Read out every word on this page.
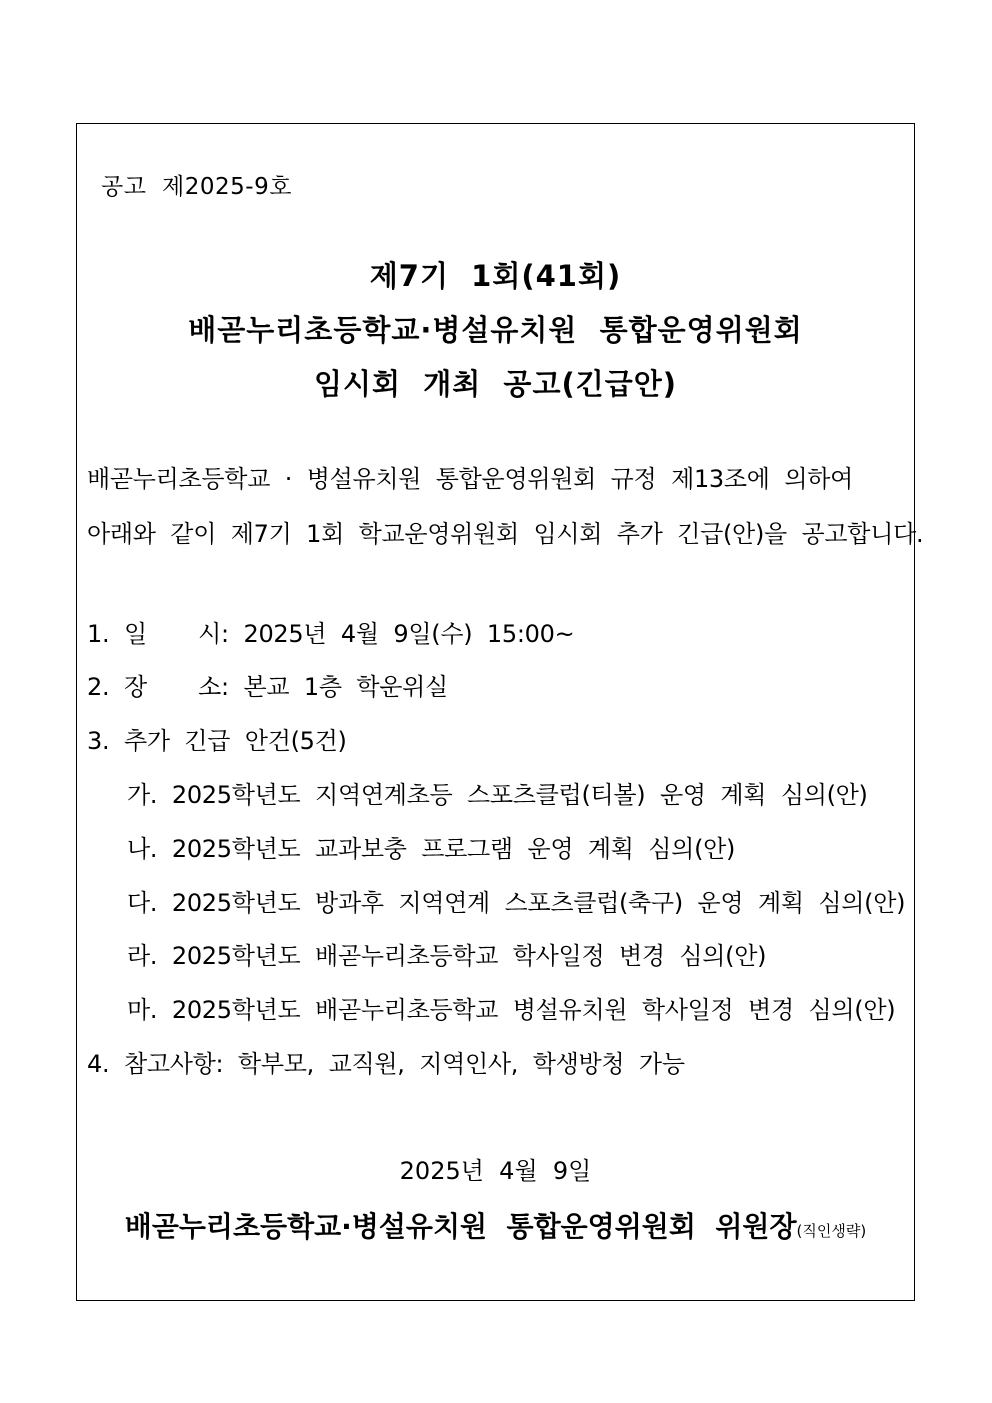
공고  제2025-9호
제7기  1회(41회)
배곧누리초등학교·병설유치원  통합운영위원회
임시회  개최  공고(긴급안)
배곧누리초등학교  ·  병설유치원  통합운영위원회  규정  제13조에  의하여
아래와  같이  제7기  1회  학교운영위원회  임시회  추가  긴급(안)을  공고합니다.
1.  일       시:  2025년  4월  9일(수)  15:00~
2.  장       소:  본교  1층  학운위실
3.  추가  긴급  안건(5건)
가.  2025학년도  지역연계초등  스포츠클럽(티볼)  운영  계획  심의(안)
나.  2025학년도  교과보충  프로그램  운영  계획  심의(안)
다.  2025학년도  방과후  지역연계  스포츠클럽(축구)  운영  계획  심의(안)
라.  2025학년도  배곧누리초등학교  학사일정  변경  심의(안)
마.  2025학년도  배곧누리초등학교  병설유치원  학사일정  변경  심의(안)
4.  참고사항:  학부모,  교직원,  지역인사,  학생방청  가능
2025년  4월  9일
배곧누리초등학교·병설유치원  통합운영위원회  위원장(직인생략)
